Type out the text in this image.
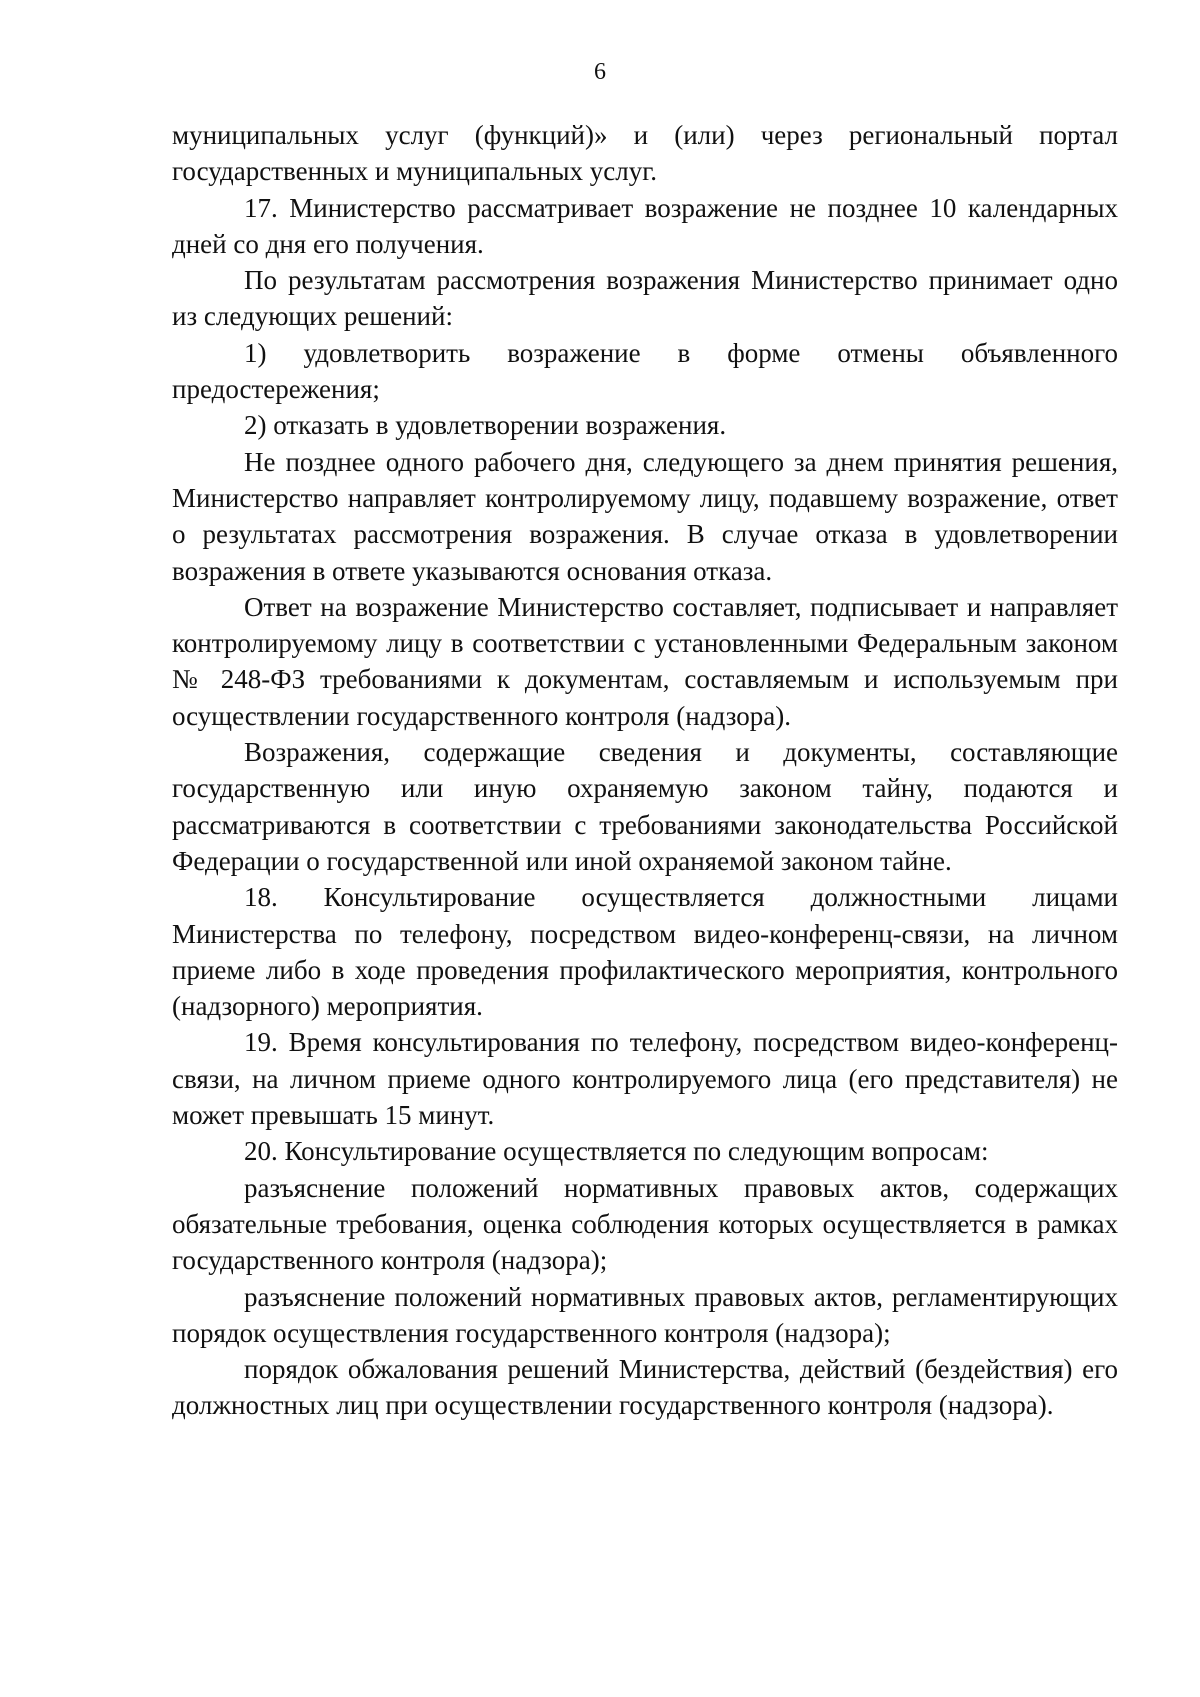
6

муниципальных услуг (функций)» и (или) через региональный портал государственных и муниципальных услуг.

17. Министерство рассматривает возражение не позднее 10 календарных дней со дня его получения.

По результатам рассмотрения возражения Министерство принимает одно из следующих решений:

1) удовлетворить возражение в форме отмены объявленного предостережения;

2) отказать в удовлетворении возражения.

Не позднее одного рабочего дня, следующего за днем принятия решения, Министерство направляет контролируемому лицу, подавшему возражение, ответ о результатах рассмотрения возражения. В случае отказа в удовлетворении возражения в ответе указываются основания отказа.

Ответ на возражение Министерство составляет, подписывает и направляет контролируемому лицу в соответствии с установленными Федеральным законом № 248-ФЗ требованиями к документам, составляемым и используемым при осуществлении государственного контроля (надзора).

Возражения, содержащие сведения и документы, составляющие государственную или иную охраняемую законом тайну, подаются и рассматриваются в соответствии с требованиями законодательства Российской Федерации о государственной или иной охраняемой законом тайне.

18. Консультирование осуществляется должностными лицами Министерства по телефону, посредством видео-конференц-связи, на личном приеме либо в ходе проведения профилактического мероприятия, контрольного (надзорного) мероприятия.

19. Время консультирования по телефону, посредством видео-конференц-связи, на личном приеме одного контролируемого лица (его представителя) не может превышать 15 минут.

20. Консультирование осуществляется по следующим вопросам:

разъяснение положений нормативных правовых актов, содержащих обязательные требования, оценка соблюдения которых осуществляется в рамках государственного контроля (надзора);

разъяснение положений нормативных правовых актов, регламентирующих порядок осуществления государственного контроля (надзора);

порядок обжалования решений Министерства, действий (бездействия) его должностных лиц при осуществлении государственного контроля (надзора).
